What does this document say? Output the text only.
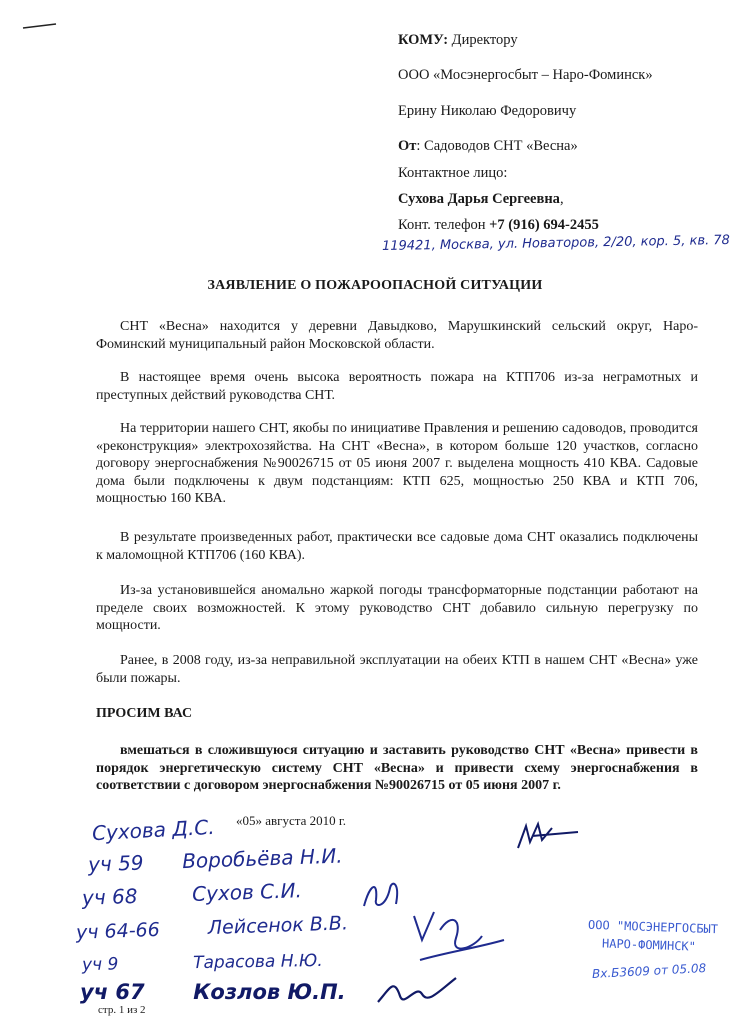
КОМУ: Директору
ООО «Мосэнергосбыт – Наро-Фоминск»
Ерину Николаю Федоровичу
От: Садоводов СНТ «Весна»
Контактное лицо:
Сухова Дарья Сергеевна,
Конт. телефон +7 (916) 694-2455
119421, Москва, ул. Новаторов, 2/20, кор. 5, кв. 78
ЗАЯВЛЕНИЕ О ПОЖАРООПАСНОЙ СИТУАЦИИ
СНТ «Весна» находится у деревни Давыдково, Марушкинский сельский округ, Наро-Фоминский муниципальный район Московской области.
В настоящее время очень высока вероятность пожара на КТП706 из-за неграмотных и преступных действий руководства СНТ.
На территории нашего СНТ, якобы по инициативе Правления и решению садоводов, проводится «реконструкция» электрохозяйства. На СНТ «Весна», в котором больше 120 участков, согласно договору энергоснабжения №90026715 от 05 июня 2007 г. выделена мощность 410 КВА. Садовые дома были подключены к двум подстанциям: КТП 625, мощностью 250 КВА и КТП 706, мощностью 160 КВА.
В результате произведенных работ, практически все садовые дома СНТ оказались подключены к маломощной КТП706 (160 КВА).
Из-за установившейся аномально жаркой погоды трансформаторные подстанции работают на пределе своих возможностей. К этому руководство СНТ добавило сильную перегрузку по мощности.
Ранее, в 2008 году, из-за неправильной эксплуатации на обеих КТП в нашем СНТ «Весна» уже были пожары.
ПРОСИМ ВАС
вмешаться в сложившуюся ситуацию и заставить руководство СНТ «Весна» привести в порядок энергетическую систему СНТ «Весна» и привести схему энергоснабжения в соответствии с договором энергоснабжения №90026715 от 05 июня 2007 г.
«05» августа 2010 г.
Сухова Д.С.
уч 59 Воробьёва Н.И.
уч 68	Сухов С.И.
уч 64-66 Лейсенок В.В.
уч 9	Тарасова Н.Ю.
уч 67 Козлов Ю.П.
ООО "МОСЭНЕРГОСБЫТ
НАРО-ФОМИНСК"
Вх.Б3609 от 05.08
стр. 1 из 2
